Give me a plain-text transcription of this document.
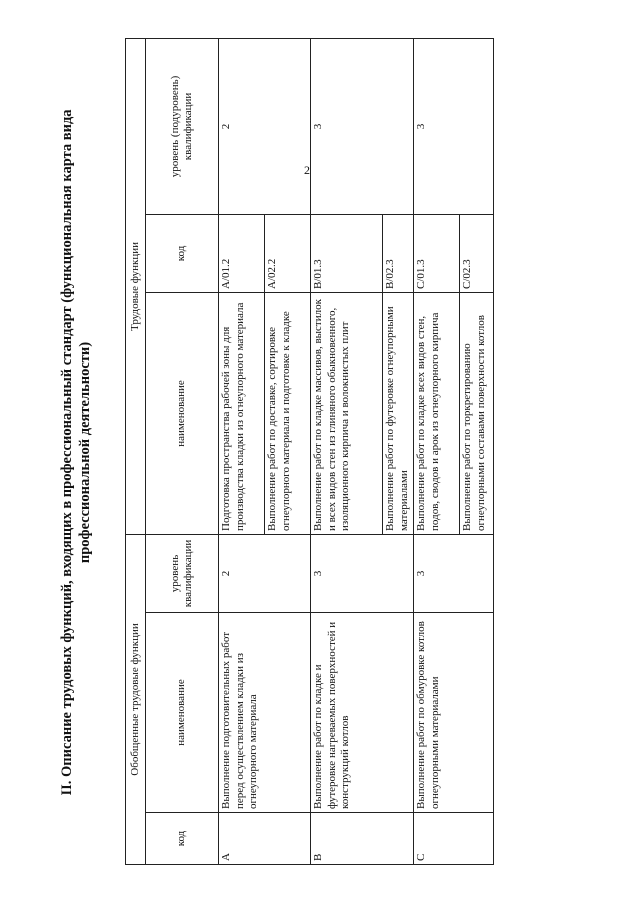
2
II. Описание трудовых функций, входящих в профессиональный стандарт (функциональная карта вида профессиональной деятельности)
Обобщенные трудовые функции			Трудовые функции		
код	наименование	уровень квалификации	наименование	код	уровень (подуровень) квалификации
A	Выполнение подготовительных работ перед осуществлением кладки из огнеупорного материала	2	Подготовка пространства рабочей зоны для производства кладки из огнеупорного материала	A/01.2	2
			Выполнение работ по доставке, сортировке огнеупорного материала и подготовке к кладке	A/02.2	
B	Выполнение работ по кладке и футеровке нагреваемых поверхностей и конструкций котлов	3	Выполнение работ по кладке массивов, выстилок и всех видов стен из глиняного обыкновенного, изоляционного кирпича и волокнистых плит	B/01.3	3
			Выполнение работ по футеровке огнеупорными материалами	B/02.3	
C	Выполнение работ по обмуровке котлов огнеупорными материалами	3	Выполнение работ по кладке всех видов стен, подов, сводов и арок из огнеупорного кирпича	C/01.3	3
			Выполнение работ по торкретированию огнеупорными составами поверхности котлов	C/02.3	
